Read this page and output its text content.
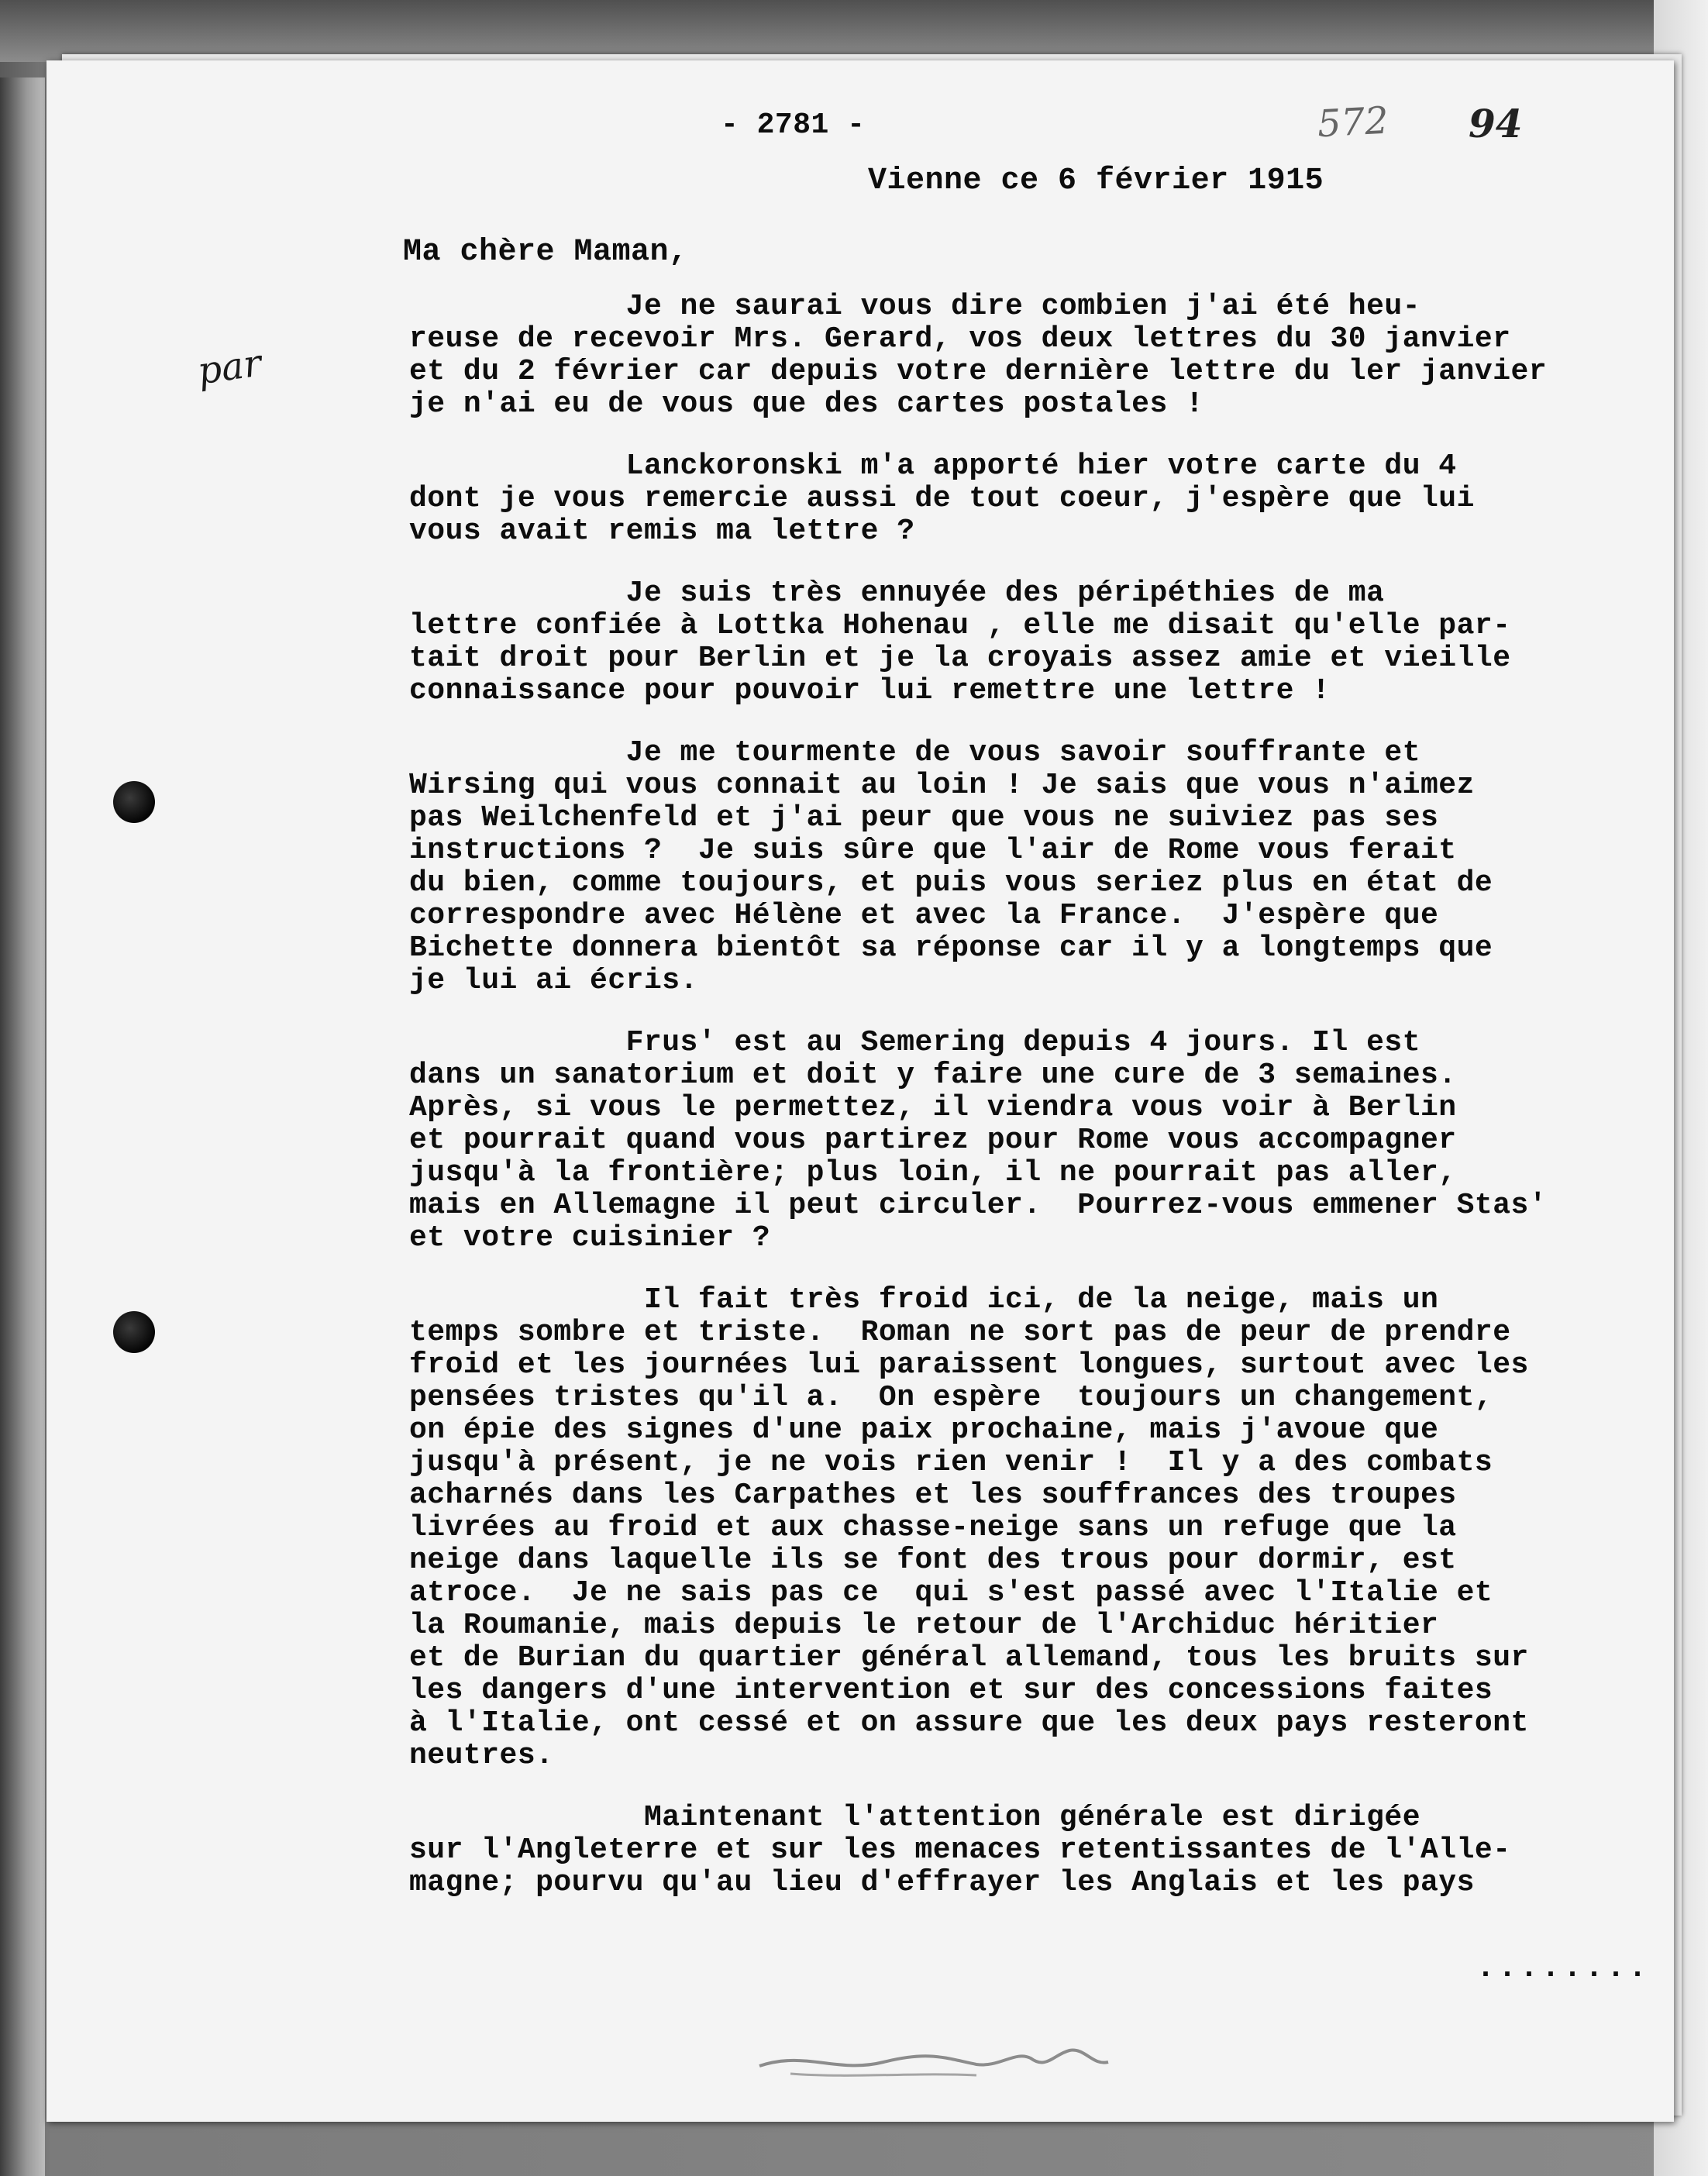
- 2781 -	572 94
par
Vienne ce 6 février 1915
Ma chère Maman,
Je ne saurai vous dire combien j'ai été heu-
reuse de recevoir Mrs. Gerard, vos deux lettres du 30 janvier
et du 2 février car depuis votre dernière lettre du ler janvier
je n'ai eu de vous que des cartes postales !
Lanckoronski m'a apporté hier votre carte du 4
dont je vous remercie aussi de tout coeur, j'espère que lui
vous avait remis ma lettre ?
Je suis très ennuyée des péripéthies de ma
lettre confiée à Lottka Hohenau , elle me disait qu'elle par-
tait droit pour Berlin et je la croyais assez amie et vieille
connaissance pour pouvoir lui remettre une lettre !
Je me tourmente de vous savoir souffrante et
Wirsing qui vous connait au loin ! Je sais que vous n'aimez
pas Weilchenfeld et j'ai peur que vous ne suiviez pas ses
instructions ?  Je suis sûre que l'air de Rome vous ferait
du bien, comme toujours, et puis vous seriez plus en état de
correspondre avec Hélène et avec la France.  J'espère que
Bichette donnera bientôt sa réponse car il y a longtemps que
je lui ai écris.
Frus' est au Semering depuis 4 jours. Il est
dans un sanatorium et doit y faire une cure de 3 semaines.
Après, si vous le permettez, il viendra vous voir à Berlin
et pourrait quand vous partirez pour Rome vous accompagner
jusqu'à la frontière; plus loin, il ne pourrait pas aller,
mais en Allemagne il peut circuler.  Pourrez-vous emmener Stas'
et votre cuisinier ?
Il fait très froid ici, de la neige, mais un
temps sombre et triste.  Roman ne sort pas de peur de prendre
froid et les journées lui paraissent longues, surtout avec les
pensées tristes qu'il a.  On espère  toujours un changement,
on épie des signes d'une paix prochaine, mais j'avoue que
jusqu'à présent, je ne vois rien venir !  Il y a des combats
acharnés dans les Carpathes et les souffrances des troupes
livrées au froid et aux chasse-neige sans un refuge que la
neige dans laquelle ils se font des trous pour dormir, est
atroce.  Je ne sais pas ce  qui s'est passé avec l'Italie et
la Roumanie, mais depuis le retour de l'Archiduc héritier
et de Burian du quartier général allemand, tous les bruits sur
les dangers d'une intervention et sur des concessions faites
à l'Italie, ont cessé et on assure que les deux pays resteront
neutres.
Maintenant l'attention générale est dirigée
sur l'Angleterre et sur les menaces retentissantes de l'Alle-
magne; pourvu qu'au lieu d'effrayer les Anglais et les pays
........
